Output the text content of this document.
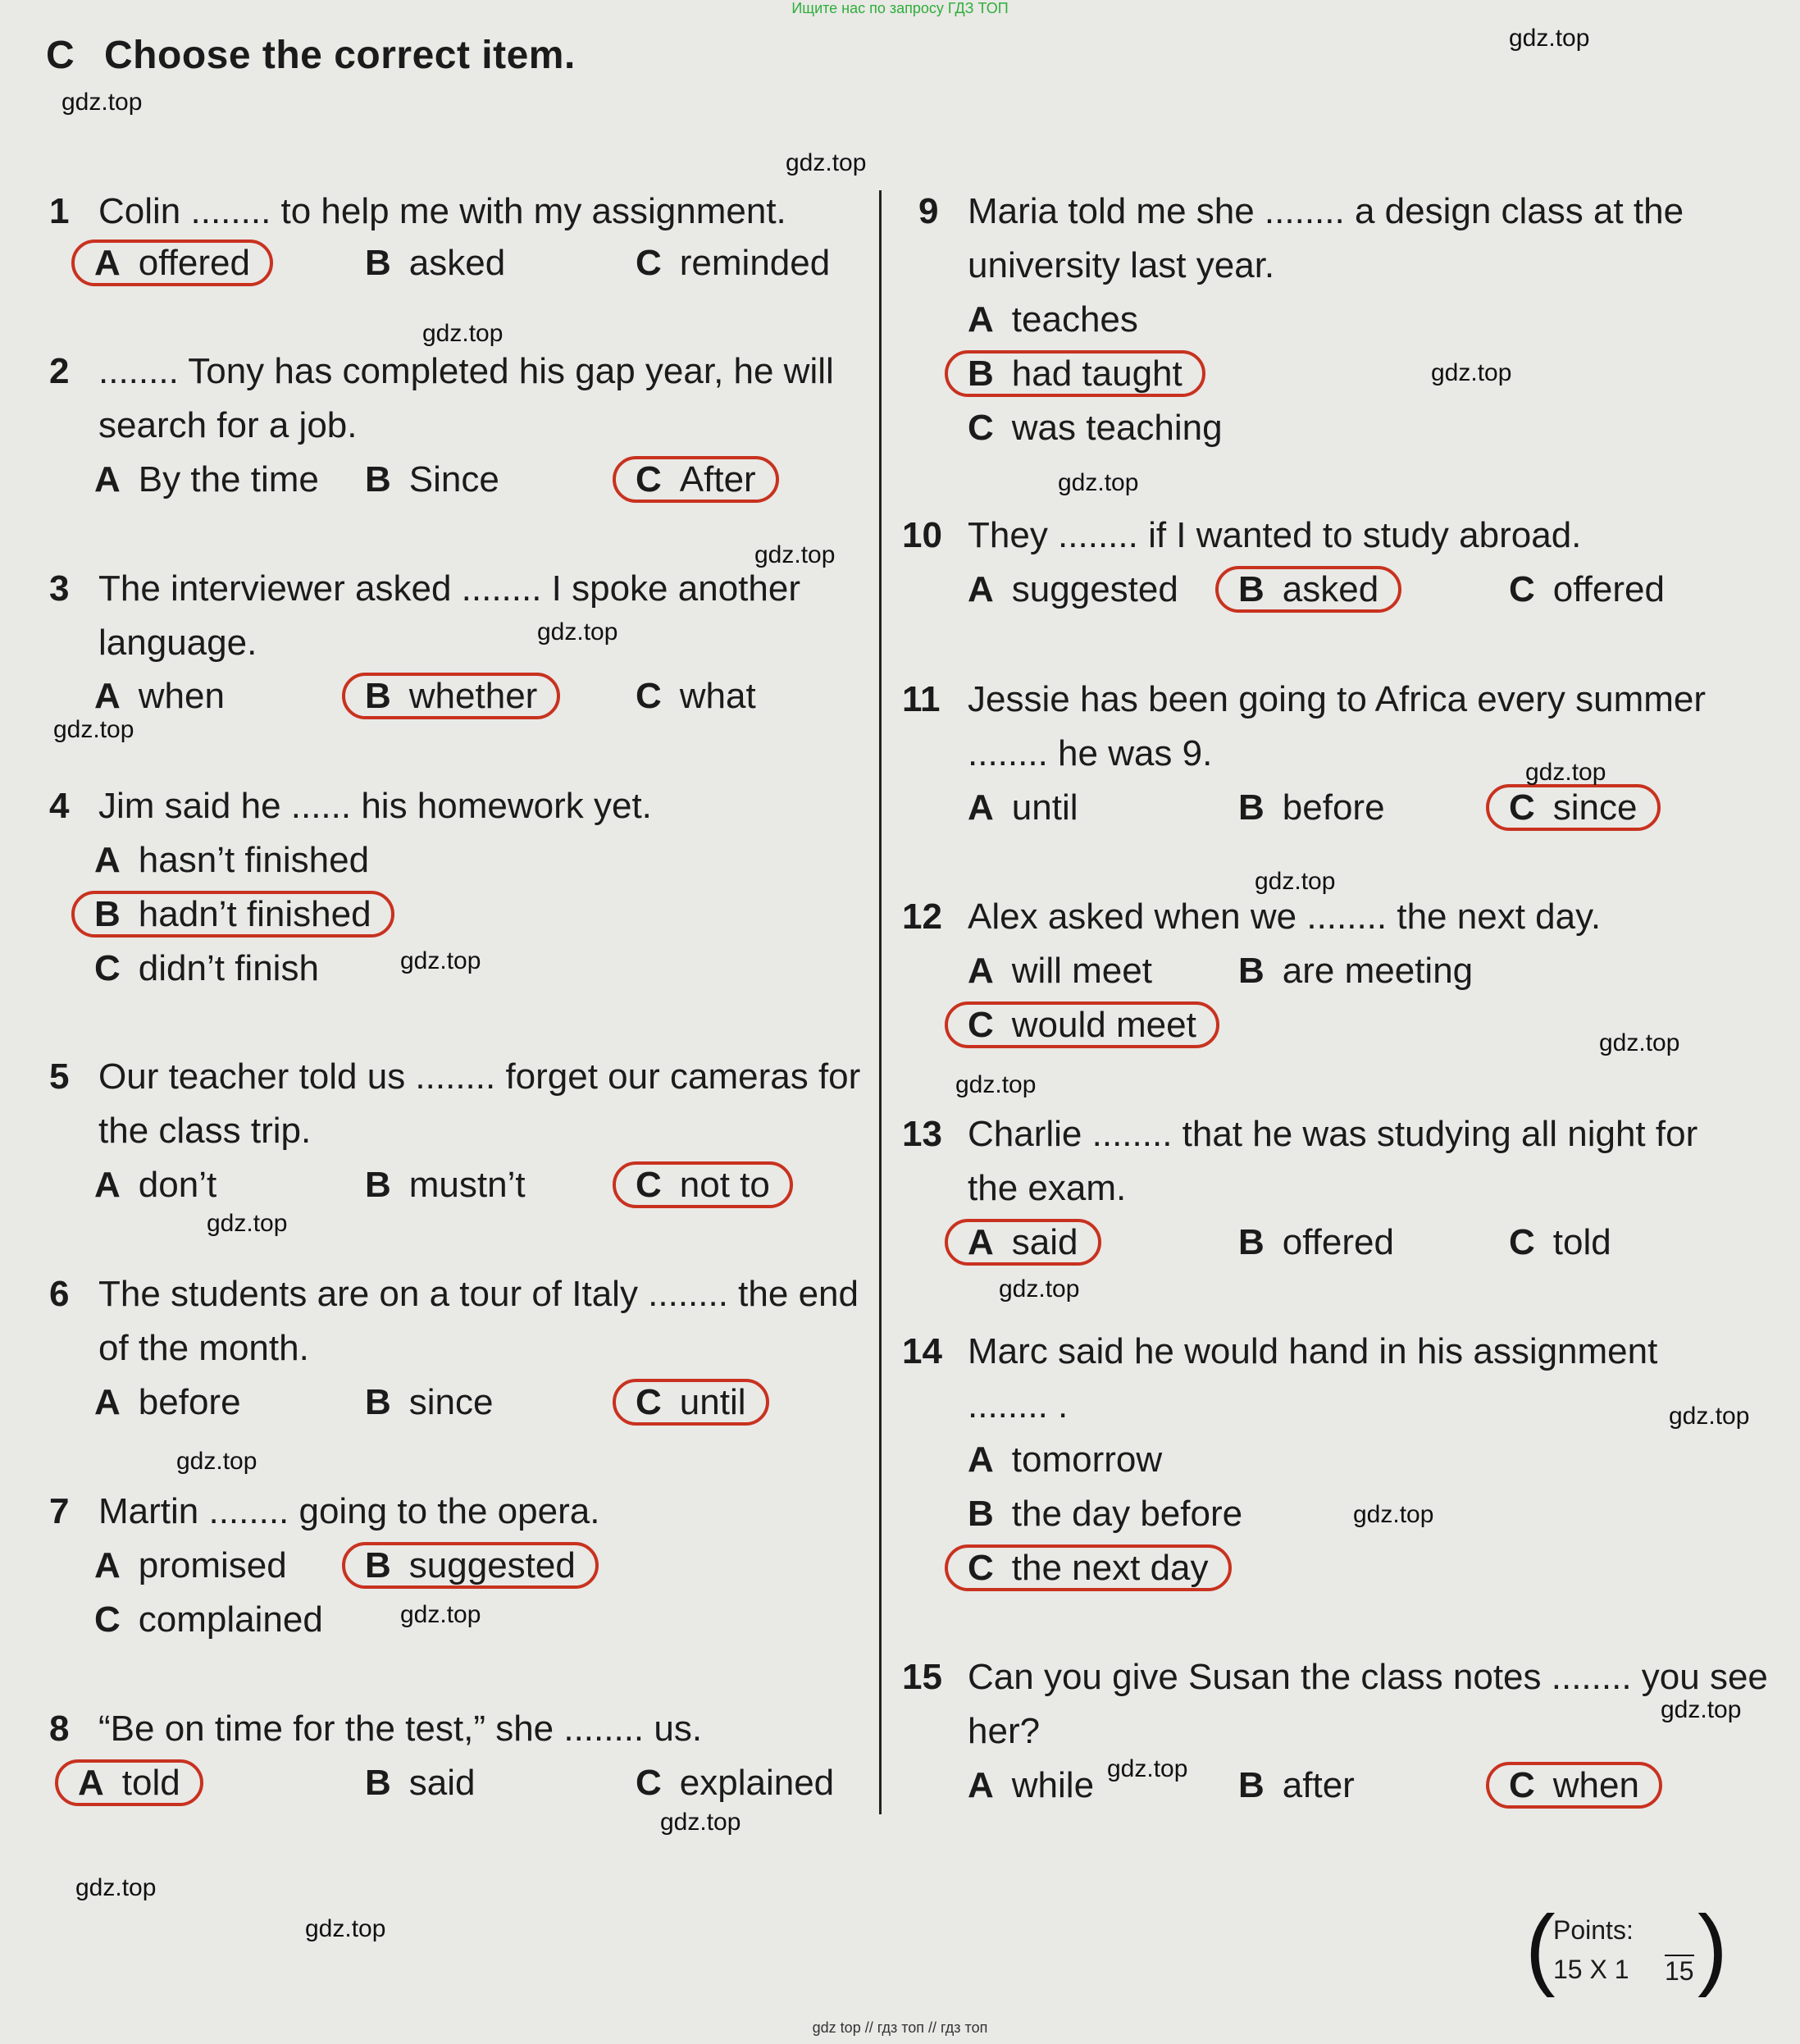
Ищите нас по запросу ГДЗ ТОП
C Choose the correct item.
1 Colin ........ to help me with my assignment.
A offered	B asked	C reminded
2 ........ Tony has completed his gap year, he will
search for a job.
A By the time B Since	C After
3 The interviewer asked ........ I spoke another
language.
A when	B whether	C what
4 Jim said he ...... his homework yet.
A hasn’t finished
B hadn’t finished
C didn’t finish
5 Our teacher told us ........ forget our cameras for
the class trip.
A don’t	B mustn’t	C not to
6 The students are on a tour of Italy ........ the end
of the month.
A before	B since	C until
7 Martin ........ going to the opera.
A promised B suggested
C complained
8 “Be on time for the test,” she ........ us.
A told	B said	C explained
9 Maria told me she ........ a design class at the
university last year.
A teaches
B had taught
C was teaching
10 They ........ if I wanted to study abroad.
A suggested B asked	C offered
11 Jessie has been going to Africa every summer
........ he was 9.
A until	B before	C since
12 Alex asked when we ........ the next day.
A will meet B are meeting
C would meet
13 Charlie ........ that he was studying all night for
the exam.
A said	B offered	C told
14 Marc said he would hand in his assignment
........ .
A tomorrow
B the day before
C the next day
15 Can you give Susan the class notes ........ you see
her?
A while	B after	C when
gdz.top
gdz.top
gdz.top
gdz.top
gdz.top
gdz.top
gdz.top
gdz.top
gdz.top
gdz.top
gdz.top
gdz.top
gdz.top
gdz.top
gdz.top
gdz.top
gdz.top
gdz.top
gdz.top
gdz.top
gdz.top
gdz.top
gdz.top
gdz.top
gdz.top	(
Points:
15 X 1 15 )
gdz top // гдз топ // гдз топ
